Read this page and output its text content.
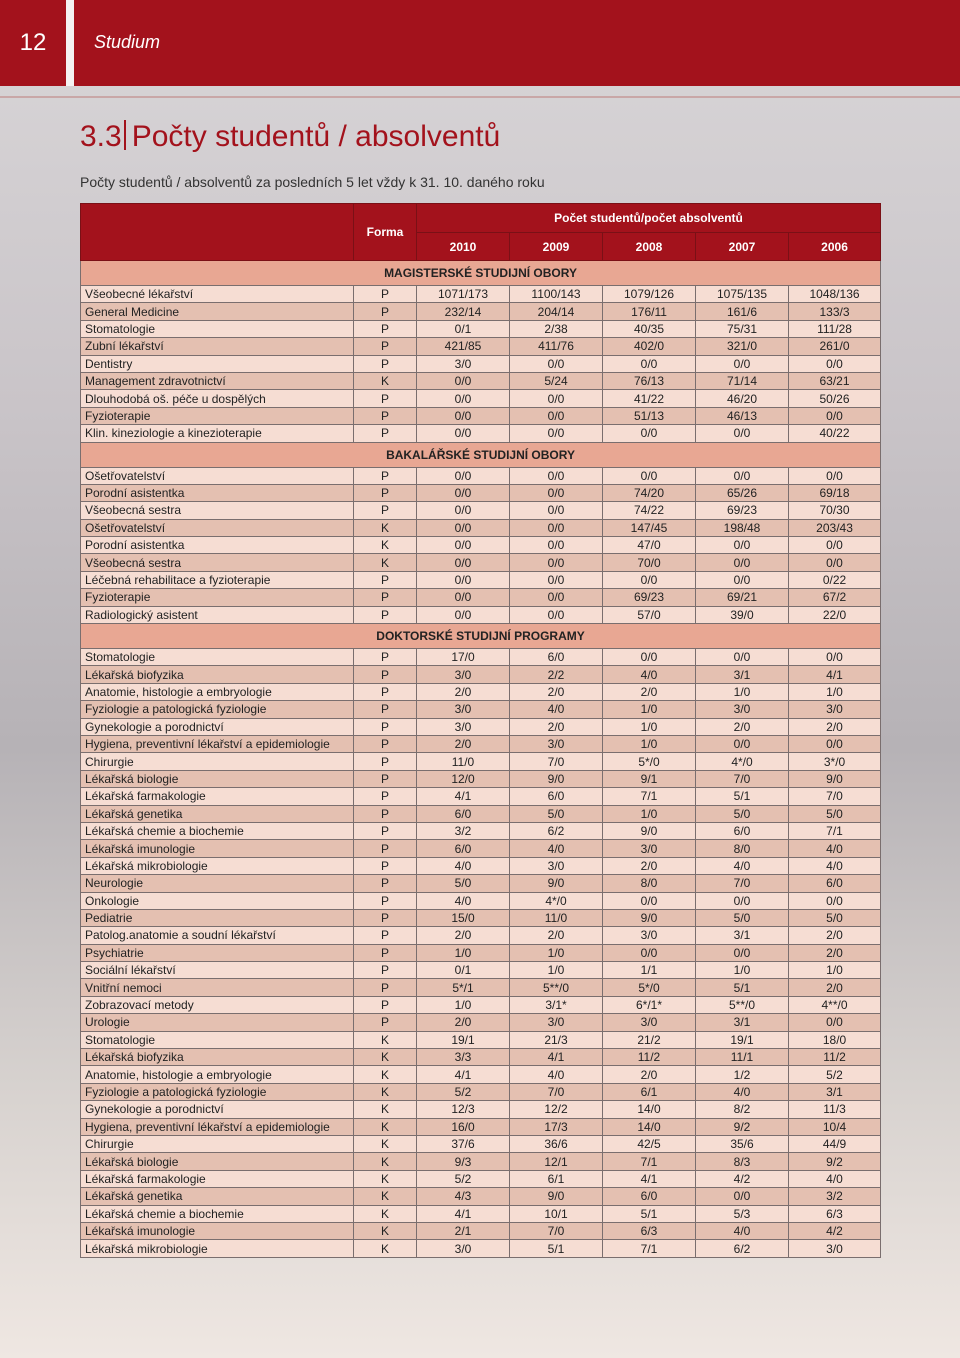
12	Studium
3.3 Počty studentů / absolventů
Počty studentů / absolventů za posledních 5 let vždy k 31. 10. daného roku
	Forma	Počet studentů/počet absolventů				
		2010	2009	2008	2007	2006
MAGISTERSKÉ STUDIJNÍ OBORY						
Všeobecné lékařství	P	1071/173	1100/143	1079/126	1075/135	1048/136
General Medicine	P	232/14	204/14	176/11	161/6	133/3
Stomatologie	P	0/1	2/38	40/35	75/31	111/28
Zubní lékařství	P	421/85	411/76	402/0	321/0	261/0
Dentistry	P	3/0	0/0	0/0	0/0	0/0
Management zdravotnictví	K	0/0	5/24	76/13	71/14	63/21
Dlouhodobá oš. péče u dospělých	P	0/0	0/0	41/22	46/20	50/26
Fyzioterapie	P	0/0	0/0	51/13	46/13	0/0
Klin. kineziologie a kinezioterapie	P	0/0	0/0	0/0	0/0	40/22
BAKALÁŘSKÉ STUDIJNÍ OBORY						
Ošetřovatelství	P	0/0	0/0	0/0	0/0	0/0
Porodní asistentka	P	0/0	0/0	74/20	65/26	69/18
Všeobecná sestra	P	0/0	0/0	74/22	69/23	70/30
Ošetřovatelství	K	0/0	0/0	147/45	198/48	203/43
Porodní asistentka	K	0/0	0/0	47/0	0/0	0/0
Všeobecná sestra	K	0/0	0/0	70/0	0/0	0/0
Léčebná rehabilitace a fyzioterapie	P	0/0	0/0	0/0	0/0	0/22
Fyzioterapie	P	0/0	0/0	69/23	69/21	67/2
Radiologický asistent	P	0/0	0/0	57/0	39/0	22/0
DOKTORSKÉ STUDIJNÍ PROGRAMY						
Stomatologie	P	17/0	6/0	0/0	0/0	0/0
Lékařská biofyzika	P	3/0	2/2	4/0	3/1	4/1
Anatomie, histologie a embryologie	P	2/0	2/0	2/0	1/0	1/0
Fyziologie a patologická fyziologie	P	3/0	4/0	1/0	3/0	3/0
Gynekologie a porodnictví	P	3/0	2/0	1/0	2/0	2/0
Hygiena, preventivní lékařství a epidemiologie	P	2/0	3/0	1/0	0/0	0/0
Chirurgie	P	11/0	7/0	5*/0	4*/0	3*/0
Lékařská biologie	P	12/0	9/0	9/1	7/0	9/0
Lékařská farmakologie	P	4/1	6/0	7/1	5/1	7/0
Lékařská genetika	P	6/0	5/0	1/0	5/0	5/0
Lékařská chemie a biochemie	P	3/2	6/2	9/0	6/0	7/1
Lékařská imunologie	P	6/0	4/0	3/0	8/0	4/0
Lékařská mikrobiologie	P	4/0	3/0	2/0	4/0	4/0
Neurologie	P	5/0	9/0	8/0	7/0	6/0
Onkologie	P	4/0	4*/0	0/0	0/0	0/0
Pediatrie	P	15/0	11/0	9/0	5/0	5/0
Patolog.anatomie a soudní lékařství	P	2/0	2/0	3/0	3/1	2/0
Psychiatrie	P	1/0	1/0	0/0	0/0	2/0
Sociální lékařství	P	0/1	1/0	1/1	1/0	1/0
Vnitřní nemoci	P	5*/1	5**/0	5*/0	5/1	2/0
Zobrazovací metody	P	1/0	3/1*	6*/1*	5**/0	4**/0
Urologie	P	2/0	3/0	3/0	3/1	0/0
Stomatologie	K	19/1	21/3	21/2	19/1	18/0
Lékařská biofyzika	K	3/3	4/1	11/2	11/1	11/2
Anatomie, histologie a embryologie	K	4/1	4/0	2/0	1/2	5/2
Fyziologie a patologická fyziologie	K	5/2	7/0	6/1	4/0	3/1
Gynekologie a porodnictví	K	12/3	12/2	14/0	8/2	11/3
Hygiena, preventivní lékařství a epidemiologie	K	16/0	17/3	14/0	9/2	10/4
Chirurgie	K	37/6	36/6	42/5	35/6	44/9
Lékařská biologie	K	9/3	12/1	7/1	8/3	9/2
Lékařská farmakologie	K	5/2	6/1	4/1	4/2	4/0
Lékařská genetika	K	4/3	9/0	6/0	0/0	3/2
Lékařská chemie a biochemie	K	4/1	10/1	5/1	5/3	6/3
Lékařská imunologie	K	2/1	7/0	6/3	4/0	4/2
Lékařská mikrobiologie	K	3/0	5/1	7/1	6/2	3/0
